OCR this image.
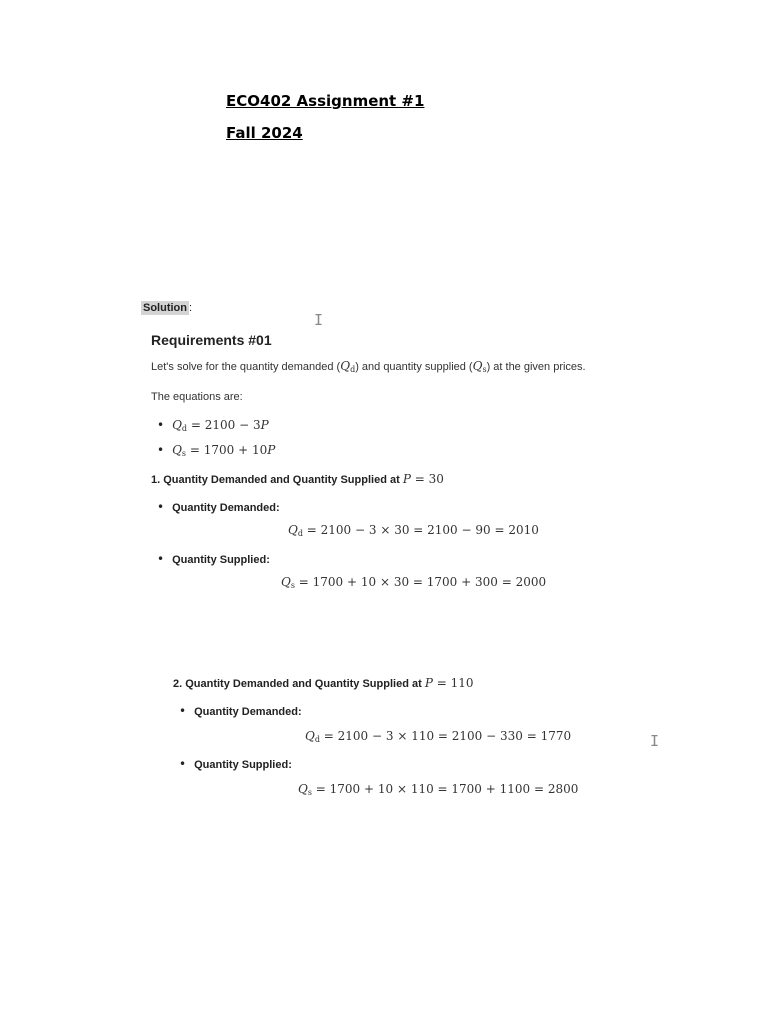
ECO402 Assignment #1
Fall 2024
Solution :
I
I
Requirements #01
Let's solve for the quantity demanded $(Q_d)$ and quantity supplied $(Q_s)$ at the given prices.
The equations are:
• $Q_d = 2100 - 3P$
• $Q_s = 1700 + 10P$
1. Quantity Demanded and Quantity Supplied at P = 30
• Quantity Demanded:
$Q_d = 2100 - 3 \times 30 = 2100 - 90 = 2010$
• Quantity Supplied:
$Q_s = 1700 + 10 \times 30 = 1700 + 300 = 2000$
2. Quantity Demanded and Quantity Supplied at P = 110
• Quantity Demanded:
$Q_d = 2100 - 3 \times 110 = 2100 - 330 = 1770$
• Quantity Supplied:
$Q_s = 1700 + 10 \times 110 = 1700 + 1100 = 2800$
